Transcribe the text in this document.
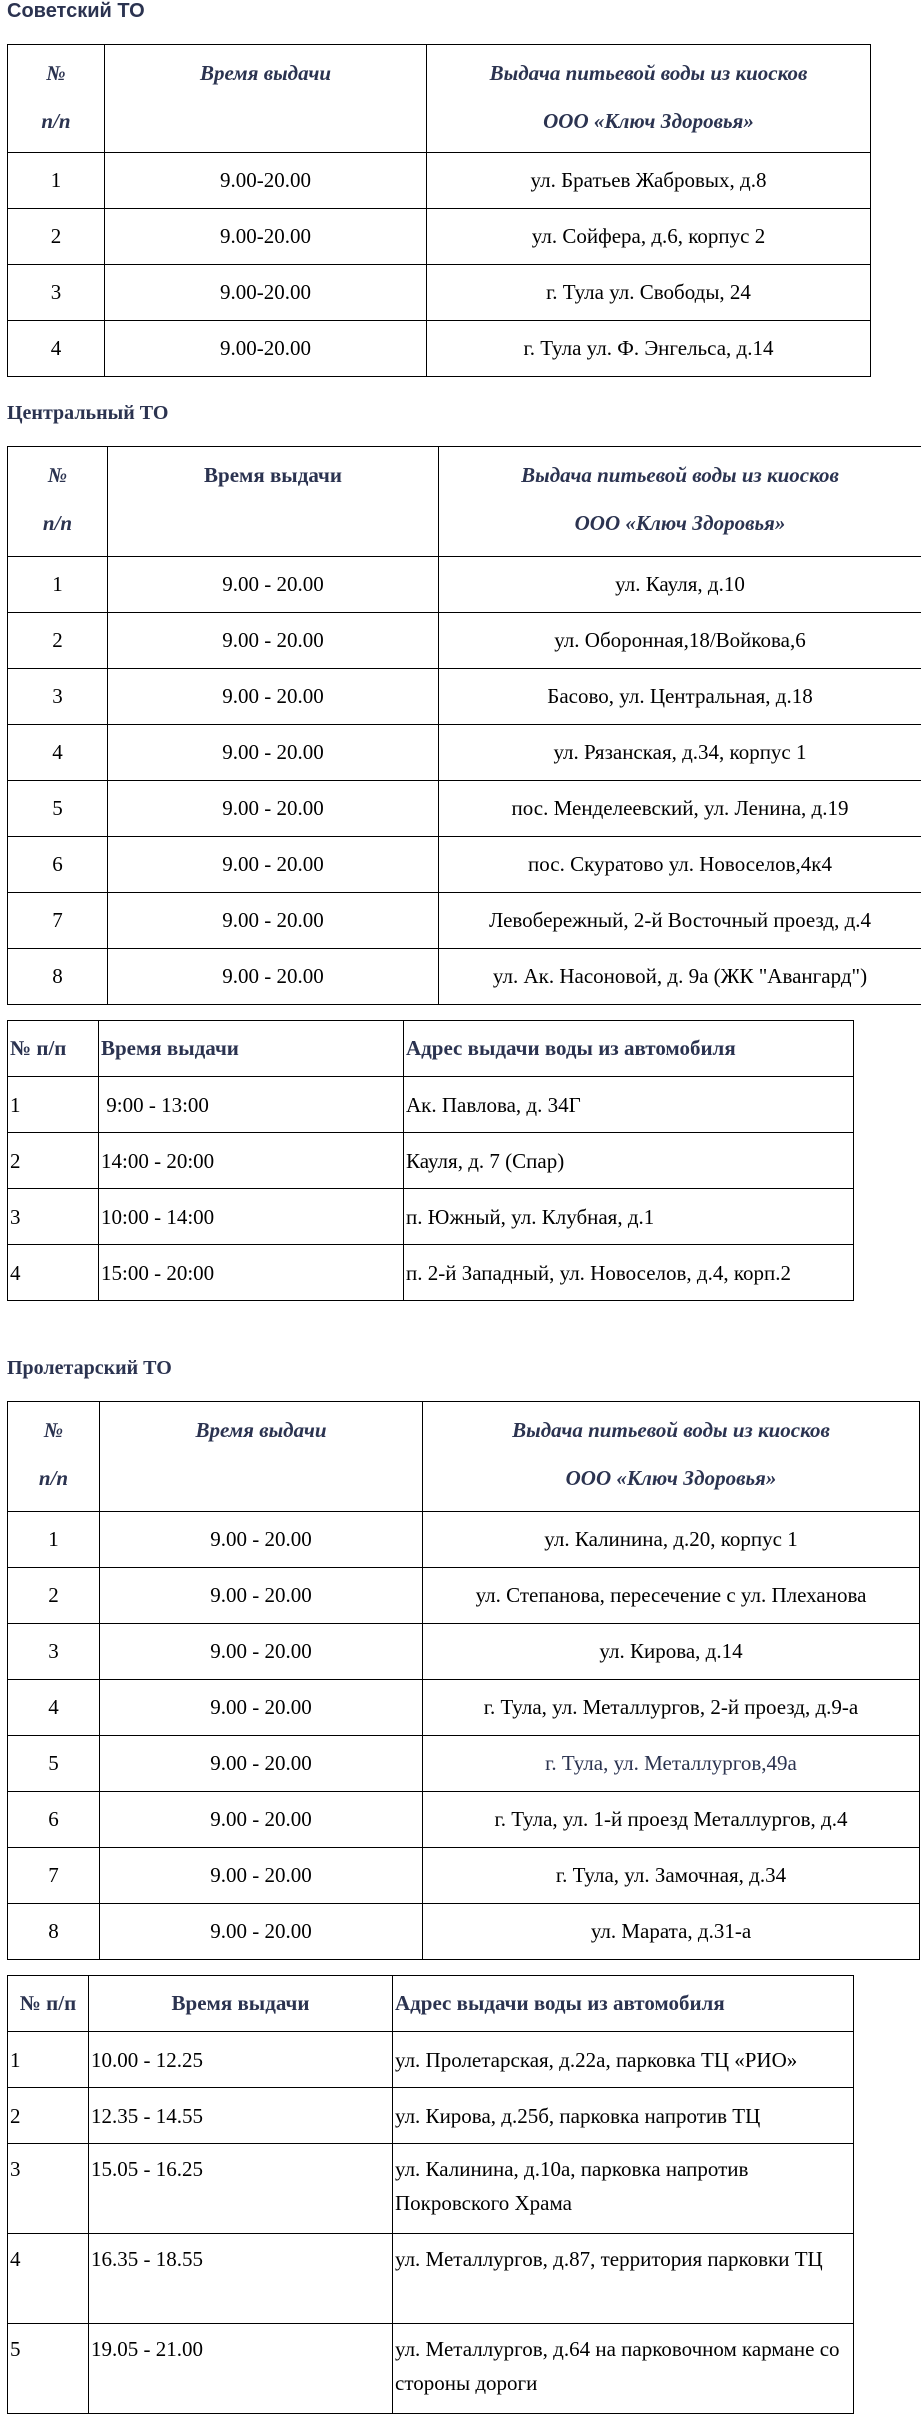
Советский ТО
№
п/п	Время выдачи	Выдача питьевой воды из киосков
ООО «Ключ Здоровья»

1	9.00-20.00	ул. Братьев Жабровых, д.8
2	9.00-20.00	ул. Сойфера, д.6, корпус 2
3	9.00-20.00	г. Тула ул. Свободы, 24
4	9.00-20.00	г. Тула ул. Ф. Энгельса, д.14
Центральный ТО
№
п/п	Время выдачи	Выдача питьевой воды из киосков
ООО «Ключ Здоровья»

1	9.00 - 20.00	ул. Кауля, д.10
2	9.00 - 20.00	ул. Оборонная,18/Войкова,6
3	9.00 - 20.00	Басово, ул. Центральная, д.18
4	9.00 - 20.00	ул. Рязанская, д.34, корпус 1
5	9.00 - 20.00	пос. Менделеевский, ул. Ленина, д.19
6	9.00 - 20.00	пос. Скуратово ул. Новоселов,4к4
7	9.00 - 20.00	Левобережный, 2-й Восточный проезд, д.4
8	9.00 - 20.00	ул. Ак. Насоновой, д. 9а (ЖК "Авангард")
№ п/п	Время выдачи	Адрес выдачи воды из автомобиля
1	9:00 - 13:00	Ак. Павлова, д. 34Г
2	14:00 - 20:00	Кауля, д. 7 (Спар)
3	10:00 - 14:00	п. Южный, ул. Клубная, д.1
4	15:00 - 20:00	п. 2-й Западный, ул. Новоселов, д.4, корп.2
Пролетарский ТО
№
п/п	Время выдачи	Выдача питьевой воды из киосков
ООО «Ключ Здоровья»

1	9.00 - 20.00	ул. Калинина, д.20, корпус 1
2	9.00 - 20.00	ул. Степанова, пересечение с ул. Плеханова
3	9.00 - 20.00	ул. Кирова, д.14
4	9.00 - 20.00	г. Тула, ул. Металлургов, 2-й проезд, д.9-а
5	9.00 - 20.00	г. Тула, ул. Металлургов,49а
6	9.00 - 20.00	г. Тула, ул. 1-й проезд Металлургов, д.4
7	9.00 - 20.00	г. Тула, ул. Замочная, д.34
8	9.00 - 20.00	ул. Марата, д.31-а
№ п/п	Время выдачи	Адрес выдачи воды из автомобиля
1	10.00 - 12.25	ул. Пролетарская, д.22а, парковка ТЦ «РИО»
2	12.35 - 14.55	ул. Кирова, д.25б, парковка напротив ТЦ
3	15.05 - 16.25	ул. Калинина, д.10а, парковка напротив Покровского Храма
4	16.35 - 18.55	ул. Металлургов, д.87, территория парковки ТЦ
5	19.05 - 21.00	ул. Металлургов, д.64 на парковочном кармане со стороны дороги
